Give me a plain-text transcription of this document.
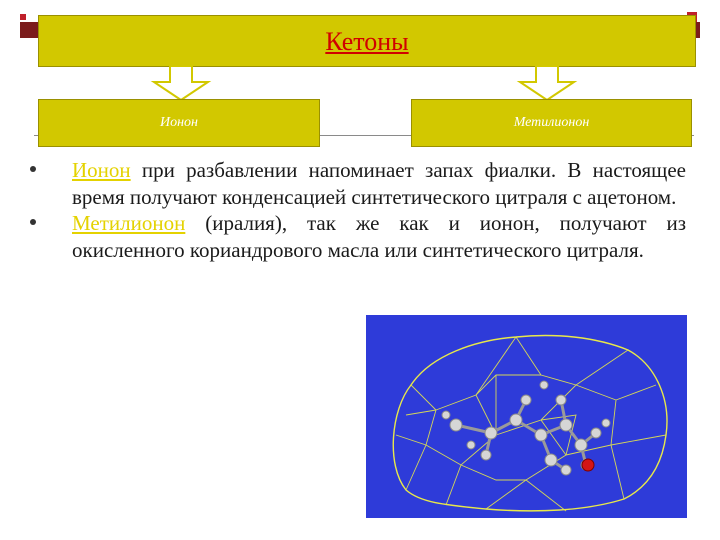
Кетоны
Ионон	Метилионон
Ионон при разбавлении напоминает запах фиалки. В настоящее время получают конденсацией синтетического цитраля с ацетоном.
Метилионон (иралия), так же как и ионон, получают из окисленного кориандрового масла или синтетического цитраля.
